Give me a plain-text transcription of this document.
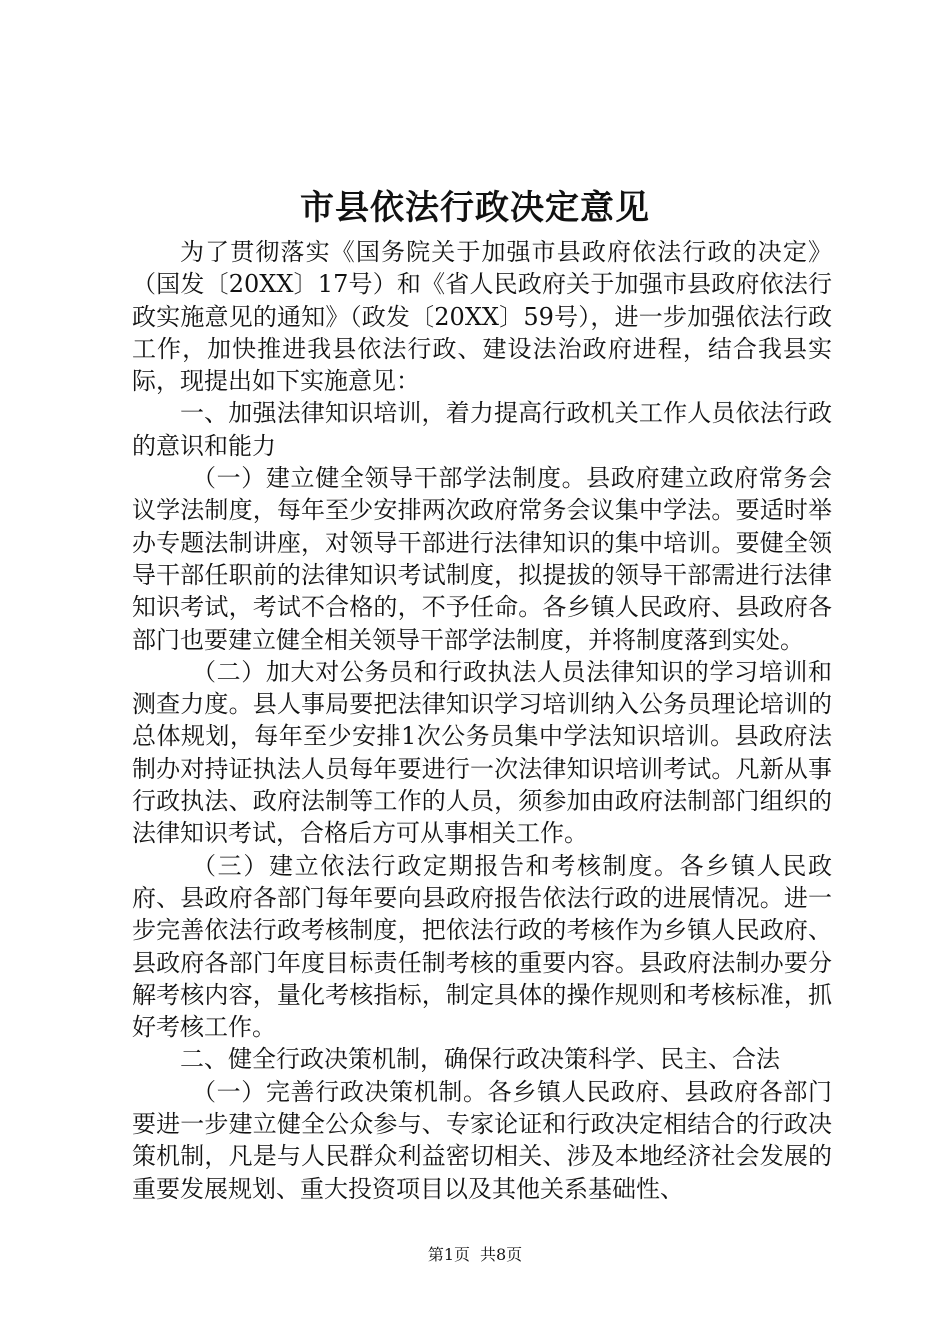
市县依法行政决定意见

为了贯彻落实《国务院关于加强市县政府依法行政的决定》（国发〔20XX〕17号）和《省人民政府关于加强市县政府依法行政实施意见的通知》（政发〔20XX〕59号），进一步加强依法行政工作，加快推进我县依法行政、建设法治政府进程，结合我县实际，现提出如下实施意见：

一、加强法律知识培训，着力提高行政机关工作人员依法行政的意识和能力

（一）建立健全领导干部学法制度。县政府建立政府常务会议学法制度，每年至少安排两次政府常务会议集中学法。要适时举办专题法制讲座，对领导干部进行法律知识的集中培训。要健全领导干部任职前的法律知识考试制度，拟提拔的领导干部需进行法律知识考试，考试不合格的，不予任命。各乡镇人民政府、县政府各部门也要建立健全相关领导干部学法制度，并将制度落到实处。

（二）加大对公务员和行政执法人员法律知识的学习培训和测查力度。县人事局要把法律知识学习培训纳入公务员理论培训的总体规划，每年至少安排1次公务员集中学法知识培训。县政府法制办对持证执法人员每年要进行一次法律知识培训考试。凡新从事行政执法、政府法制等工作的人员，须参加由政府法制部门组织的法律知识考试，合格后方可从事相关工作。

（三）建立依法行政定期报告和考核制度。各乡镇人民政府、县政府各部门每年要向县政府报告依法行政的进展情况。进一步完善依法行政考核制度，把依法行政的考核作为乡镇人民政府、县政府各部门年度目标责任制考核的重要内容。县政府法制办要分解考核内容，量化考核指标，制定具体的操作规则和考核标准，抓好考核工作。

二、健全行政决策机制，确保行政决策科学、民主、合法

（一）完善行政决策机制。各乡镇人民政府、县政府各部门要进一步建立健全公众参与、专家论证和行政决定相结合的行政决策机制，凡是与人民群众利益密切相关、涉及本地经济社会发展的重要发展规划、重大投资项目以及其他关系基础性、

第1页 共8页
